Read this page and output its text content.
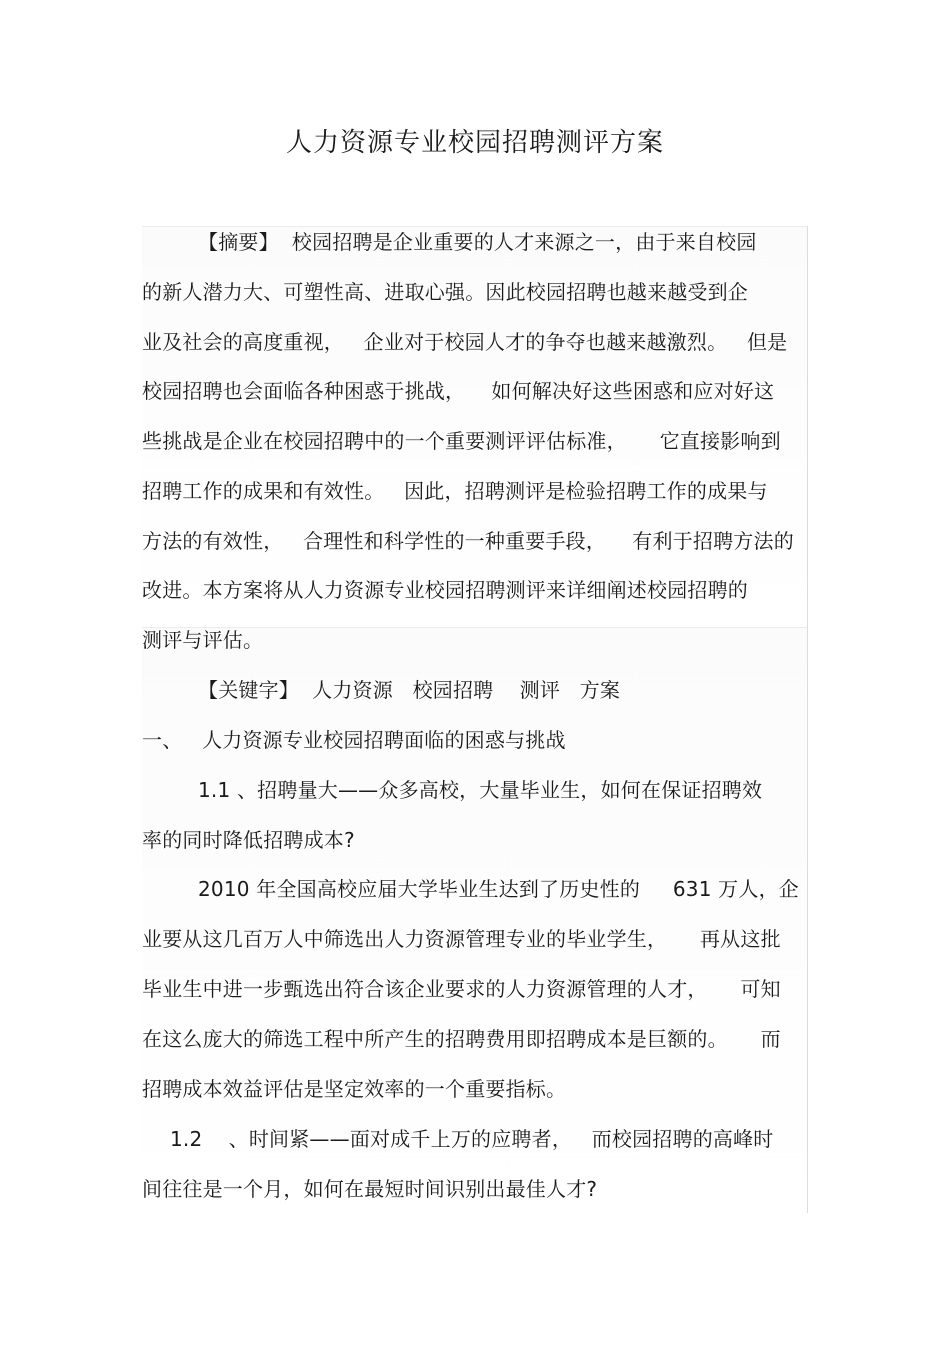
人力资源专业校园招聘测评方案
【摘要】  校园招聘是企业重要的人才来源之一，由于来自校园
的新人潜力大、可塑性高、进取心强。因此校园招聘也越来越受到企
业及社会的高度重视，   企业对于校园人才的争夺也越来越激烈。   但是
校园招聘也会面临各种困惑于挑战，    如何解决好这些困惑和应对好这
些挑战是企业在校园招聘中的一个重要测评评估标准，     它直接影响到
招聘工作的成果和有效性。   因此，招聘测评是检验招聘工作的成果与
方法的有效性，   合理性和科学性的一种重要手段，    有利于招聘方法的
改进。本方案将从人力资源专业校园招聘测评来详细阐述校园招聘的
测评与评估。
【关键字】  人力资源   校园招聘    测评   方案
一、   人力资源专业校园招聘面临的困惑与挑战
1.1 、招聘量大——众多高校，大量毕业生，如何在保证招聘效
率的同时降低招聘成本?
2010 年全国高校应届大学毕业生达到了历史性的     631 万人，企
业要从这几百万人中筛选出人力资源管理专业的毕业学生，     再从这批
毕业生中进一步甄选出符合该企业要求的人力资源管理的人才，     可知
在这么庞大的筛选工程中所产生的招聘费用即招聘成本是巨额的。     而
招聘成本效益评估是坚定效率的一个重要指标。
1.2    、时间紧——面对成千上万的应聘者，   而校园招聘的高峰时
间往往是一个月，如何在最短时间识别出最佳人才?
